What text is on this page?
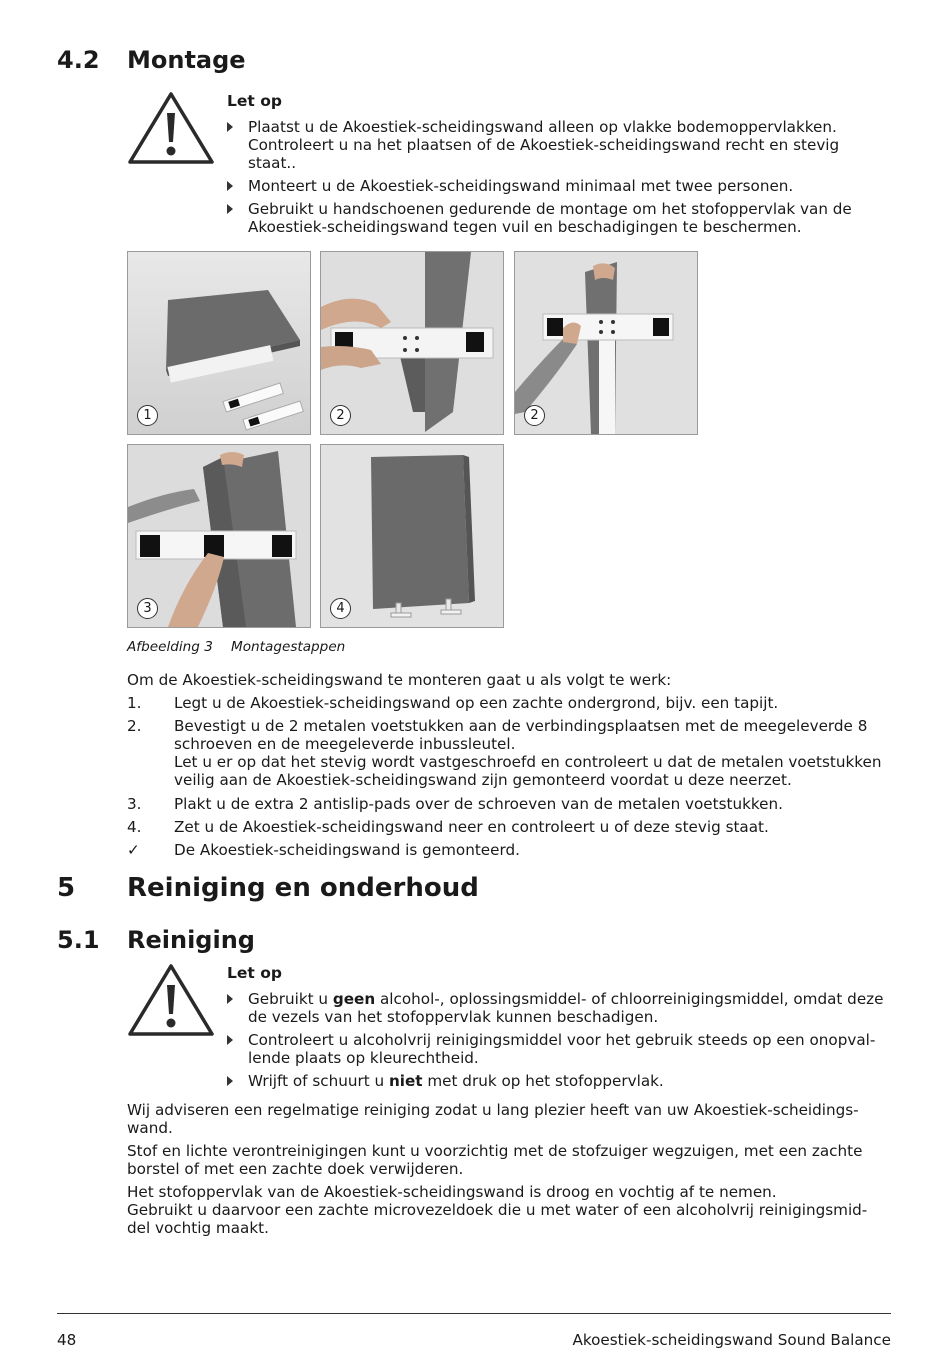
4.2 Montage
Let op
Plaatst u de Akoestiek-scheidingswand alleen op vlakke bodemoppervlakken. Controleert u na het plaatsen of de Akoestiek-scheidingswand recht en stevig staat..
Monteert u de Akoestiek-scheidingswand minimaal met twee personen.
Gebruikt u handschoenen gedurende de montage om het stofoppervlak van de Akoestiek-scheidingswand tegen vuil en beschadigingen te beschermen.
1	2	2
3	4
Afbeelding 3 Montagestappen
Om de Akoestiek-scheidingswand te monteren gaat u als volgt te werk:
1. Legt u de Akoestiek-scheidingswand op een zachte ondergrond, bijv. een tapijt.
2. Bevestigt u de 2 metalen voetstukken aan de verbindingsplaatsen met de meegeleverde 8
schroeven en de meegeleverde inbussleutel.
Let u er op dat het stevig wordt vastgeschroefd en controleert u dat de metalen voetstukken
veilig aan de Akoestiek-scheidingswand zijn gemonteerd voordat u deze neerzet.
3. Plakt u de extra 2 antislip-pads over de schroeven van de metalen voetstukken.
4. Zet u de Akoestiek-scheidingswand neer en controleert u of deze stevig staat.
✓ De Akoestiek-scheidingswand is gemonteerd.
5 Reiniging en onderhoud
5.1 Reiniging
Let op
Gebruikt u geen alcohol-, oplossingsmiddel- of chloorreinigingsmiddel, omdat deze de vezels van het stofoppervlak kunnen beschadigen.
Controleert u alcoholvrij reinigingsmiddel voor het gebruik steeds op een onopval-
lende plaats op kleurechtheid.
Wrijft of schuurt u niet met druk op het stofoppervlak.
Wij adviseren een regelmatige reiniging zodat u lang plezier heeft van uw Akoestiek-scheidings-
wand.
Stof en lichte verontreinigingen kunt u voorzichtig met de stofzuiger wegzuigen, met een zachte
borstel of met een zachte doek verwijderen.
Het stofoppervlak van de Akoestiek-scheidingswand is droog en vochtig af te nemen.
Gebruikt u daarvoor een zachte microvezeldoek die u met water of een alcoholvrij reinigingsmid-
del vochtig maakt.
48	Akoestiek-scheidingswand Sound Balance
